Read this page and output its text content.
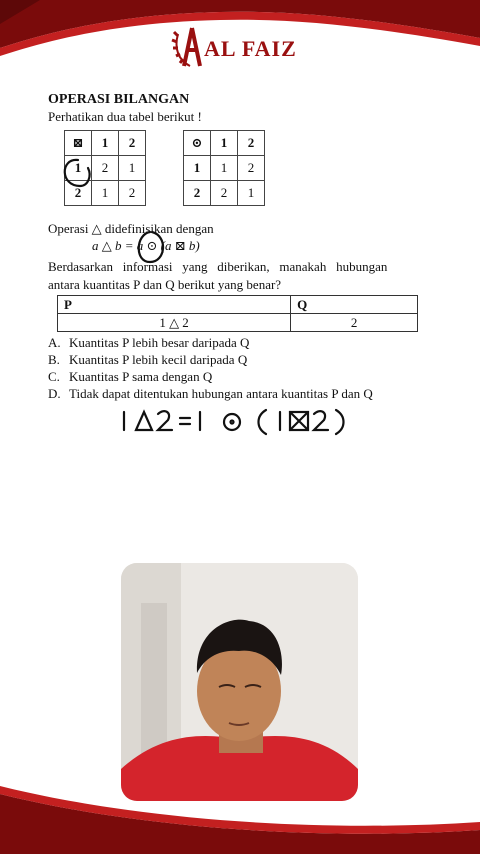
AL FAIZ

OPERASI BILANGAN

Perhatikan dua tabel berikut !

⊠	1	2
1	2	1
2	1	2
⊙	1	2
1	1	2
2	2	1

Operasi △ didefinisikan dengan

a △ b = a ⊙ (a ⊠ b)

Berdasarkan   informasi   yang   diberikan,   manakah   hubungan

antara kuantitas P dan Q berikut yang benar?

P	Q
1 △ 2	2
A. Kuantitas P lebih besar daripada Q
B. Kuantitas P lebih kecil daripada Q
C. Kuantitas P sama dengan Q
D. Tidak dapat ditentukan hubungan antara kuantitas P dan Q
